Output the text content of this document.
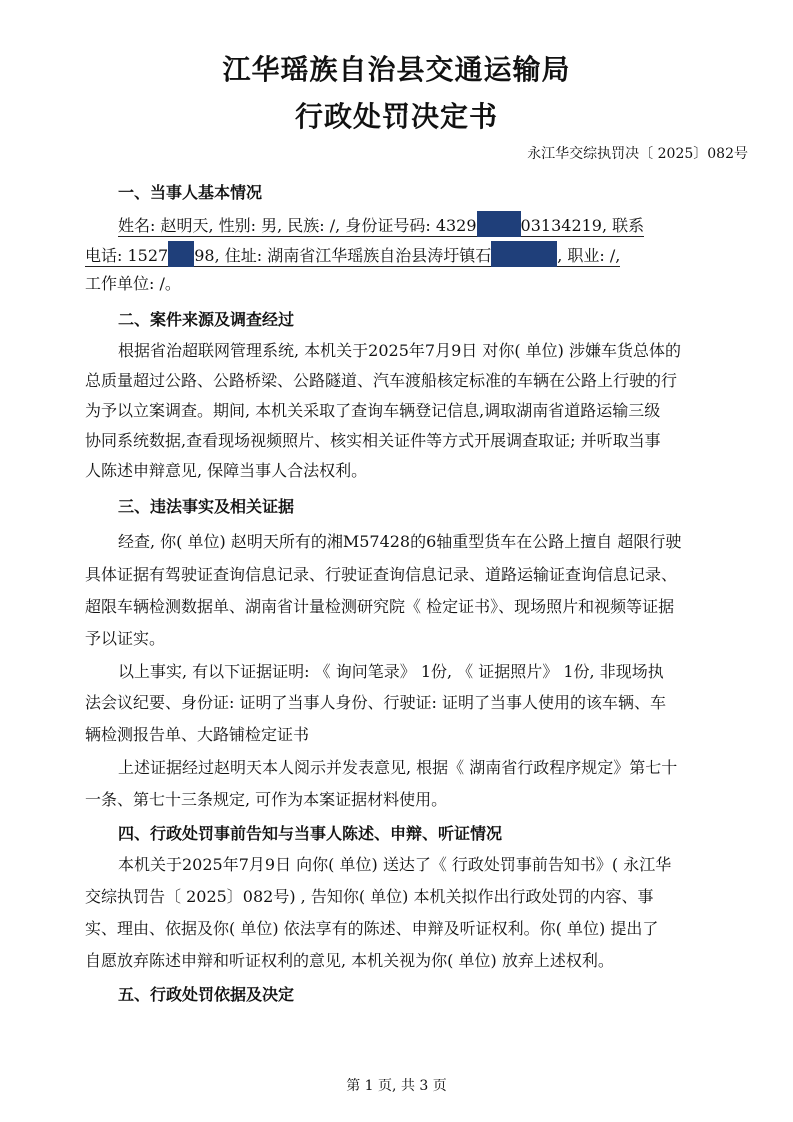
江华瑶族自治县交通运输局
行政处罚决定书
永江华交综执罚决〔 2025〕082号
一、当事人基本情况
姓名: 赵明天, 性别: 男, 民族: /, 身份证号码: 4329	03134219, 联系
电话: 1527 98, 住址: 湖南省江华瑶族自治县涛圩镇石	, 职业: /,
工作单位: /。
二、案件来源及调查经过
根据省治超联网管理系统, 本机关于2025年7月9日 对你( 单位) 涉嫌车货总体的
总质量超过公路、公路桥梁、公路隧道、汽车渡船核定标准的车辆在公路上行驶的行
为予以立案调查。期间, 本机关采取了查询车辆登记信息,调取湖南省道路运输三级
协同系统数据,查看现场视频照片、核实相关证件等方式开展调查取证; 并听取当事
人陈述申辩意见, 保障当事人合法权利。
三、违法事实及相关证据
经查, 你( 单位) 赵明天所有的湘M57428的6轴重型货车在公路上擅自 超限行驶
具体证据有驾驶证查询信息记录、行驶证查询信息记录、道路运输证查询信息记录、
超限车辆检测数据单、湖南省计量检测研究院《 检定证书》、现场照片和视频等证据
予以证实。
以上事实, 有以下证据证明: 《 询问笔录》 1份, 《 证据照片》 1份, 非现场执
法会议纪要、身份证: 证明了当事人身份、行驶证: 证明了当事人使用的该车辆、车
辆检测报告单、大路铺检定证书
上述证据经过赵明天本人阅示并发表意见, 根据《 湖南省行政程序规定》第七十
一条、第七十三条规定, 可作为本案证据材料使用。
四、行政处罚事前告知与当事人陈述、申辩、听证情况
本机关于2025年7月9日 向你( 单位) 送达了《 行政处罚事前告知书》( 永江华
交综执罚告〔 2025〕082号) , 告知你( 单位) 本机关拟作出行政处罚的内容、事
实、理由、依据及你( 单位) 依法享有的陈述、申辩及听证权利。你( 单位) 提出了
自愿放弃陈述申辩和听证权利的意见, 本机关视为你( 单位) 放弃上述权利。
五、行政处罚依据及决定
第 1 页, 共 3 页
